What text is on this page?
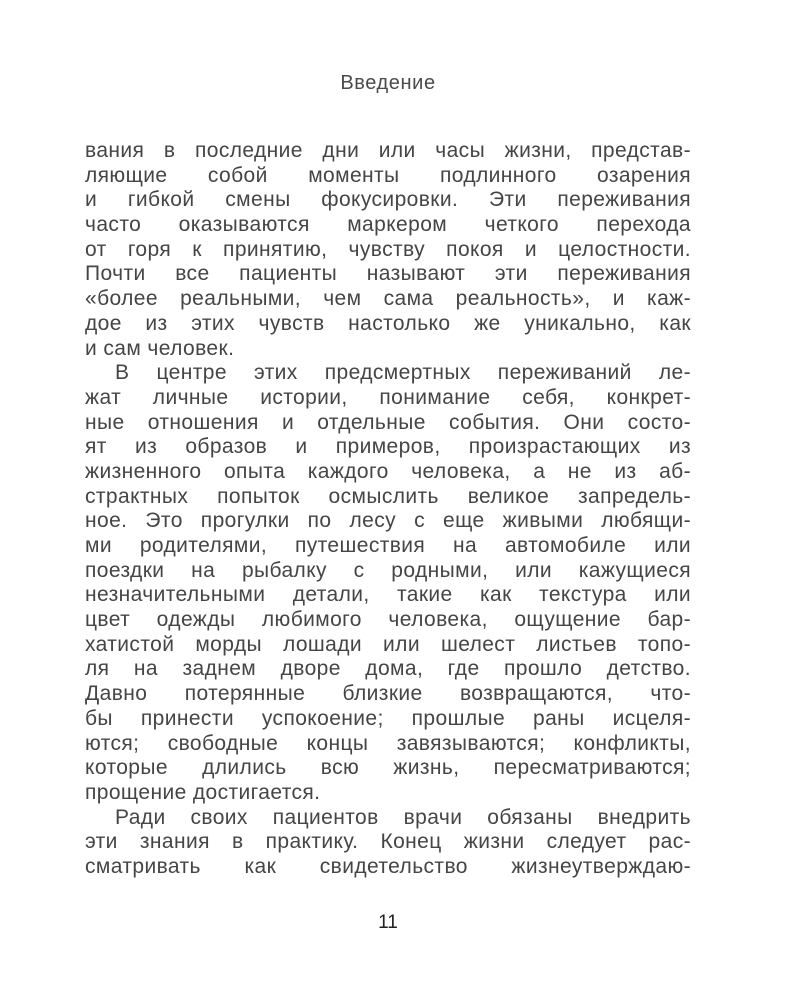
Введение
вания в последние дни или часы жизни, представ-
ляющие собой моменты подлинного озарения
и гибкой смены фокусировки. Эти переживания
часто оказываются маркером четкого перехода
от горя к принятию, чувству покоя и целостности.
Почти все пациенты называют эти переживания
«более реальными, чем сама реальность», и каж-
дое из этих чувств настолько же уникально, как
и сам человек.
В центре этих предсмертных переживаний ле-
жат личные истории, понимание себя, конкрет-
ные отношения и отдельные события. Они состо-
ят из образов и примеров, произрастающих из
жизненного опыта каждого человека, а не из аб-
страктных попыток осмыслить великое запредель-
ное. Это прогулки по лесу с еще живыми любящи-
ми родителями, путешествия на автомобиле или
поездки на рыбалку с родными, или кажущиеся
незначительными детали, такие как текстура или
цвет одежды любимого человека, ощущение бар-
хатистой морды лошади или шелест листьев топо-
ля на заднем дворе дома, где прошло детство.
Давно потерянные близкие возвращаются, что-
бы принести успокоение; прошлые раны исцеля-
ются; свободные концы завязываются; конфликты,
которые длились всю жизнь, пересматриваются;
прощение достигается.
Ради своих пациентов врачи обязаны внедрить
эти знания в практику. Конец жизни следует рас-
сматривать как свидетельство жизнеутверждаю-
11
